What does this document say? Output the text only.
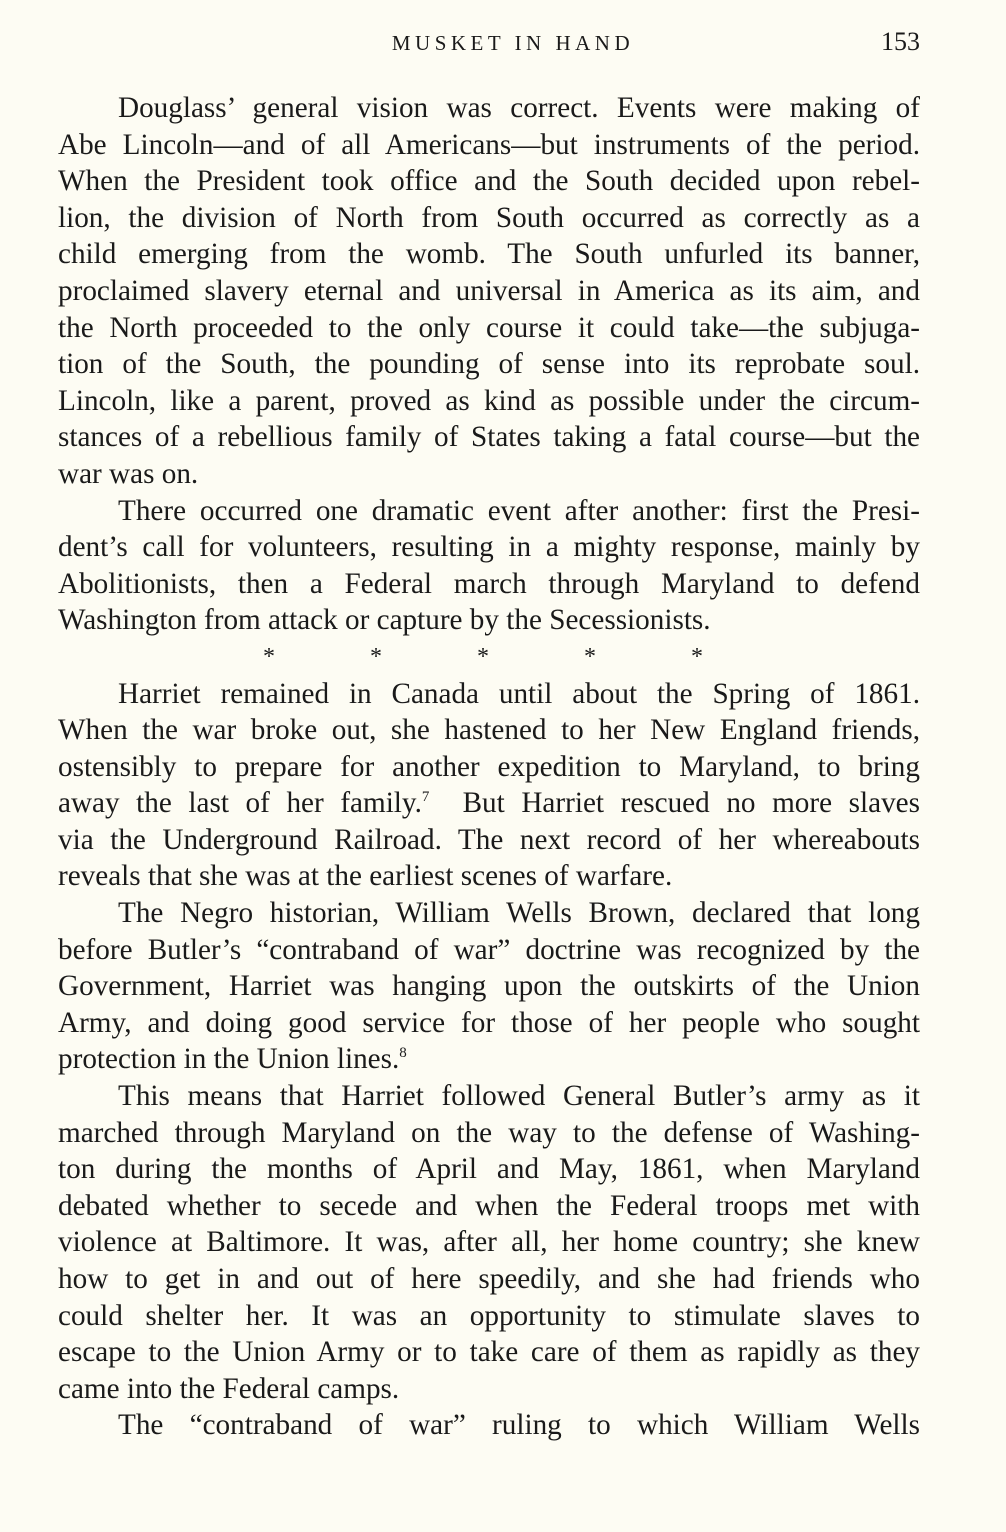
MUSKET IN HAND	153

Douglass’ general vision was correct. Events were making of
Abe Lincoln—and of all Americans—but instruments of the period.
When the President took office and the South decided upon rebel-
lion, the division of North from South occurred as correctly as a
child emerging from the womb. The South unfurled its banner,
proclaimed slavery eternal and universal in America as its aim, and
the North proceeded to the only course it could take—the subjuga-
tion of the South, the pounding of sense into its reprobate soul.
Lincoln, like a parent, proved as kind as possible under the circum-
stances of a rebellious family of States taking a fatal course—but the
war was on.

There occurred one dramatic event after another: first the Presi-
dent’s call for volunteers, resulting in a mighty response, mainly by
Abolitionists, then a Federal march through Maryland to defend
Washington from attack or capture by the Secessionists.

*	*	*	*	*

Harriet remained in Canada until about the Spring of 1861.
When the war broke out, she hastened to her New England friends,
ostensibly to prepare for another expedition to Maryland, to bring
away the last of her family.$^7$ But Harriet rescued no more slaves
via the Underground Railroad. The next record of her whereabouts
reveals that she was at the earliest scenes of warfare.

The Negro historian, William Wells Brown, declared that long
before Butler’s “contraband of war” doctrine was recognized by the
Government, Harriet was hanging upon the outskirts of the Union
Army, and doing good service for those of her people who sought
protection in the Union lines.$^8$

This means that Harriet followed General Butler’s army as it
marched through Maryland on the way to the defense of Washing-
ton during the months of April and May, 1861, when Maryland
debated whether to secede and when the Federal troops met with
violence at Baltimore. It was, after all, her home country; she knew
how to get in and out of here speedily, and she had friends who
could shelter her. It was an opportunity to stimulate slaves to
escape to the Union Army or to take care of them as rapidly as they
came into the Federal camps.

The “contraband of war” ruling to which William Wells
